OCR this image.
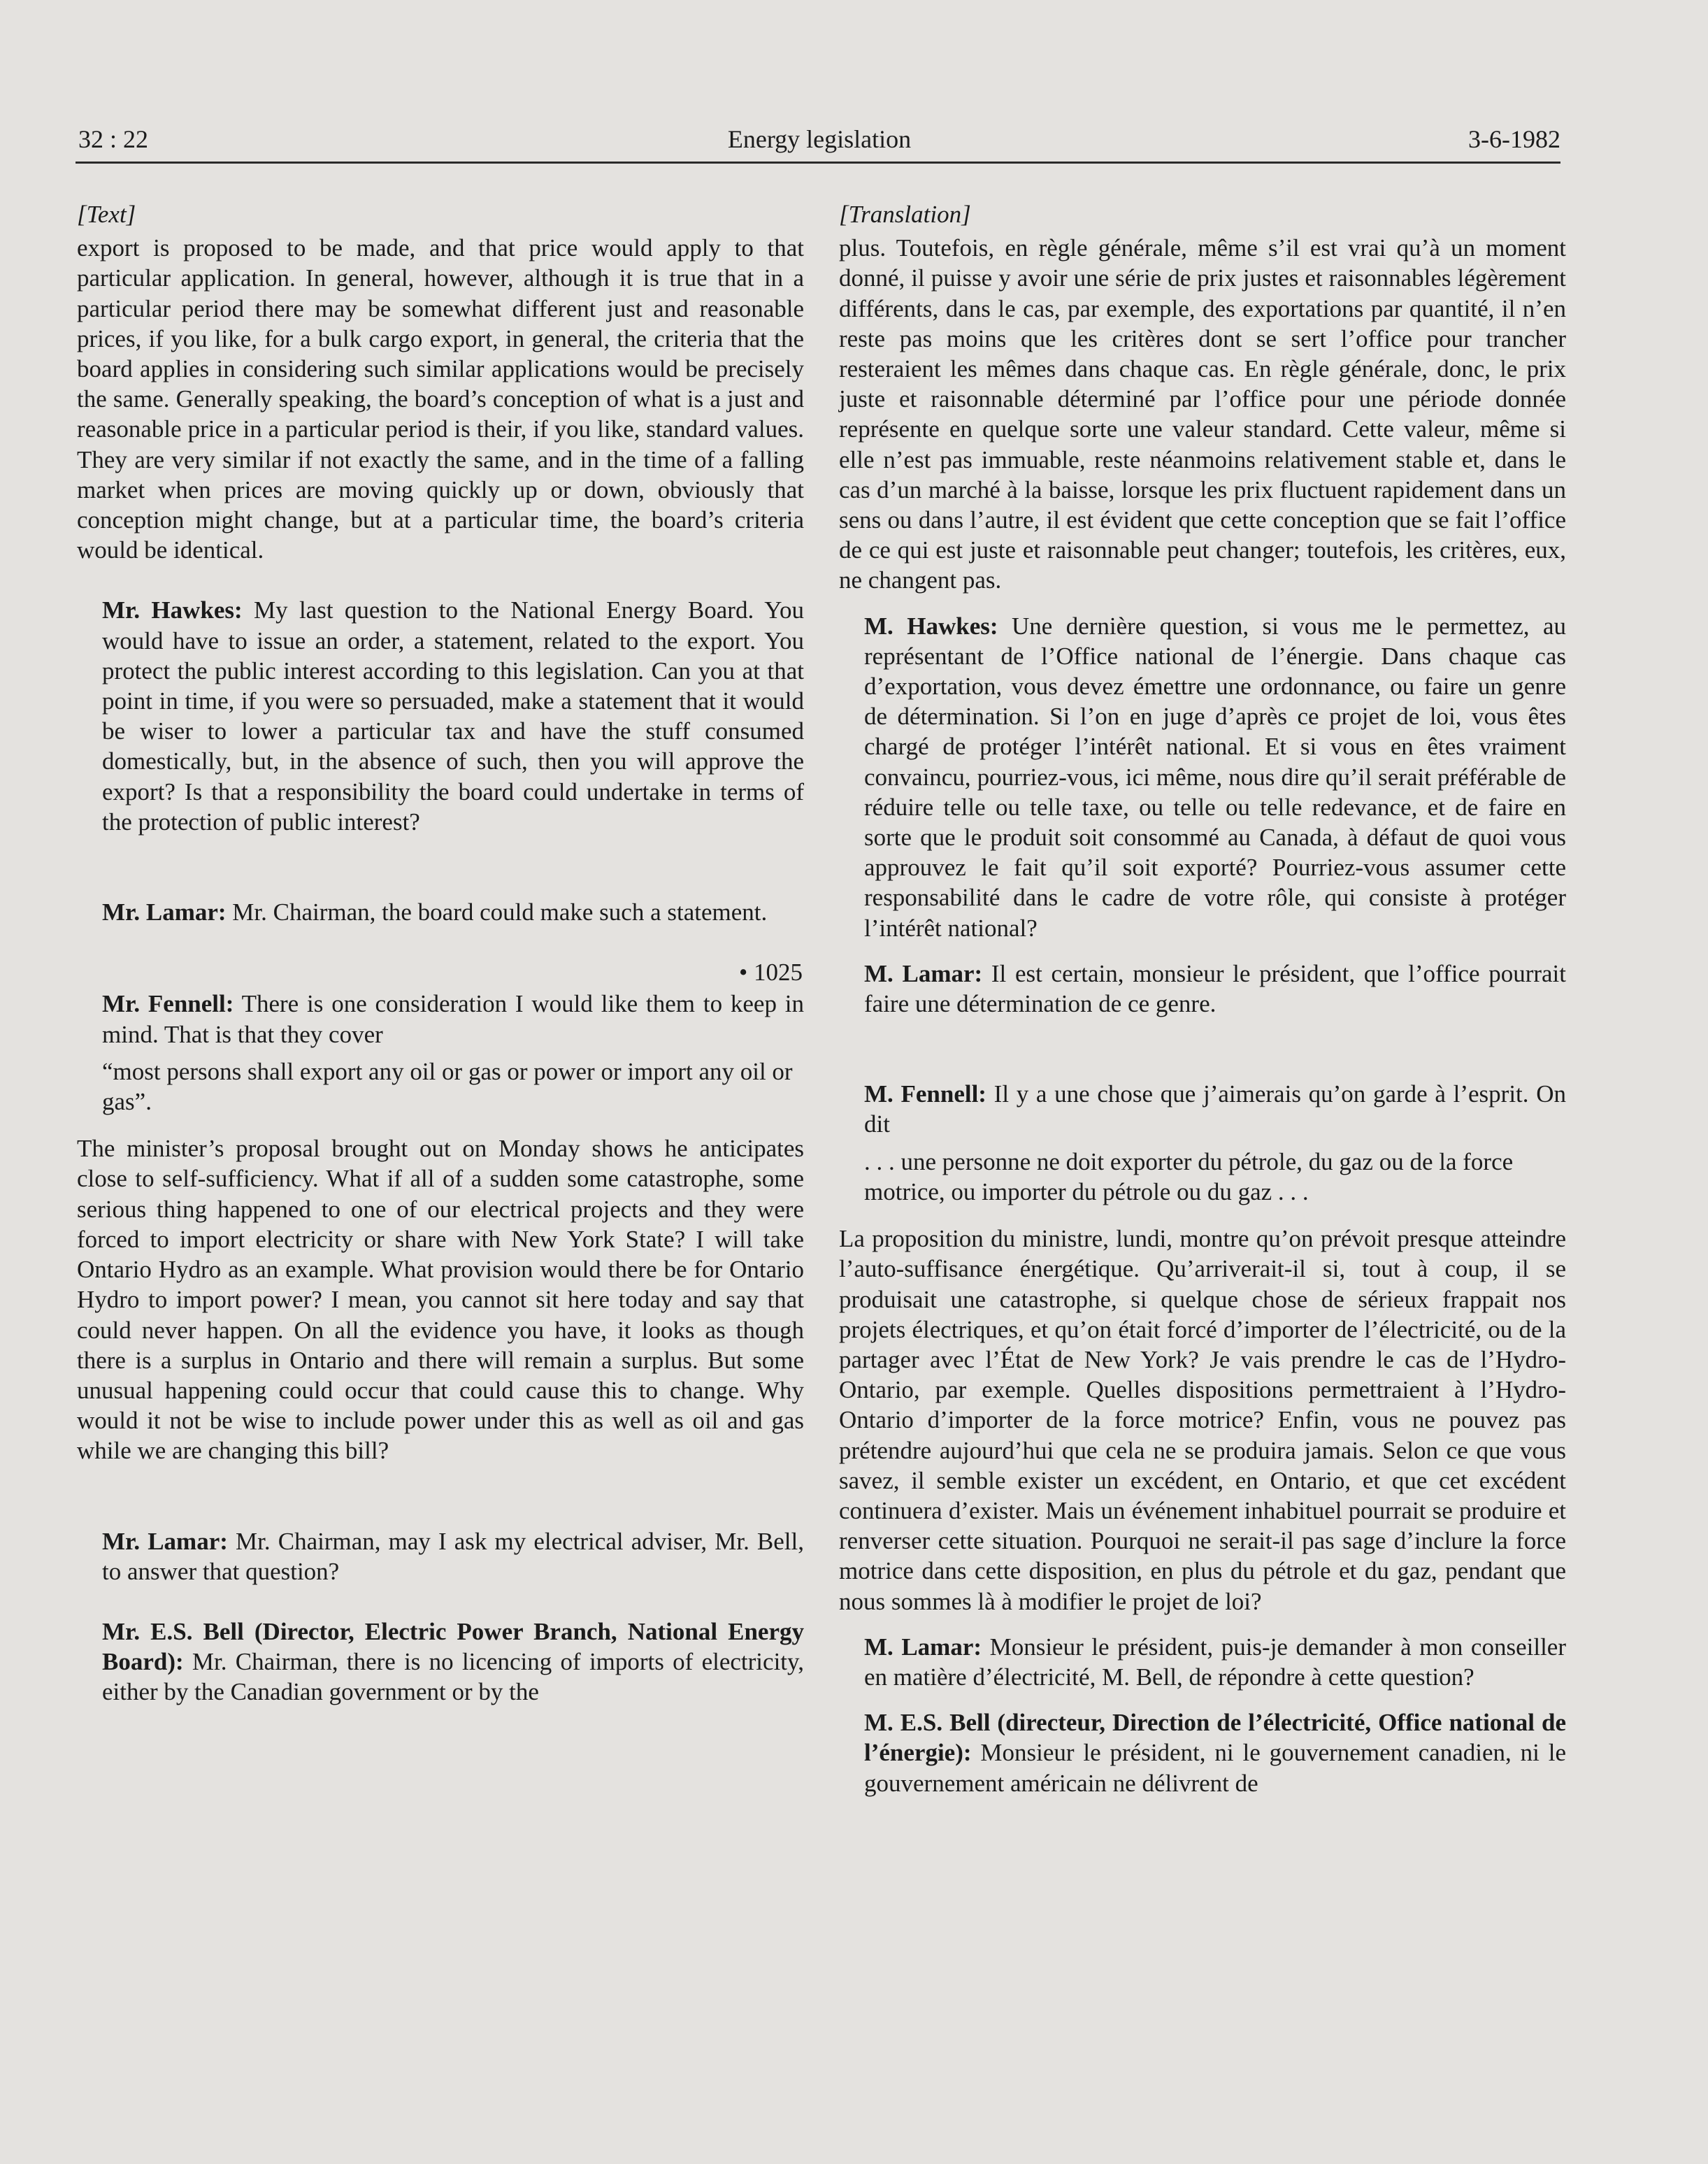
32 : 22	Energy legislation	3-6-1982

[Text]

export is proposed to be made, and that price would apply to that particular application. In general, however, although it is true that in a particular period there may be somewhat different just and reasonable prices, if you like, for a bulk cargo export, in general, the criteria that the board applies in considering such similar applications would be precisely the same. Generally speaking, the board’s conception of what is a just and reasonable price in a particular period is their, if you like, standard values. They are very similar if not exactly the same, and in the time of a falling market when prices are moving quickly up or down, obviously that conception might change, but at a particular time, the board’s criteria would be identical.

Mr. Hawkes: My last question to the National Energy Board. You would have to issue an order, a statement, related to the export. You protect the public interest according to this legislation. Can you at that point in time, if you were so persuaded, make a statement that it would be wiser to lower a particular tax and have the stuff consumed domestically, but, in the absence of such, then you will approve the export? Is that a responsibility the board could undertake in terms of the protection of public interest?

Mr. Lamar: Mr. Chairman, the board could make such a statement.

• 1025

Mr. Fennell: There is one consideration I would like them to keep in mind. That is that they cover

“most persons shall export any oil or gas or power or import any oil or gas”.

The minister’s proposal brought out on Monday shows he anticipates close to self-sufficiency. What if all of a sudden some catastrophe, some serious thing happened to one of our electrical projects and they were forced to import electricity or share with New York State? I will take Ontario Hydro as an example. What provision would there be for Ontario Hydro to import power? I mean, you cannot sit here today and say that could never happen. On all the evidence you have, it looks as though there is a surplus in Ontario and there will remain a surplus. But some unusual happening could occur that could cause this to change. Why would it not be wise to include power under this as well as oil and gas while we are changing this bill?

Mr. Lamar: Mr. Chairman, may I ask my electrical adviser, Mr. Bell, to answer that question?

Mr. E.S. Bell (Director, Electric Power Branch, National Energy Board): Mr. Chairman, there is no licencing of imports of electricity, either by the Canadian government or by the

[Translation]

plus. Toutefois, en règle générale, même s’il est vrai qu’à un moment donné, il puisse y avoir une série de prix justes et raisonnables légèrement différents, dans le cas, par exemple, des exportations par quantité, il n’en reste pas moins que les critères dont se sert l’office pour trancher resteraient les mêmes dans chaque cas. En règle générale, donc, le prix juste et raisonnable déterminé par l’office pour une période donnée représente en quelque sorte une valeur standard. Cette valeur, même si elle n’est pas immuable, reste néanmoins relativement stable et, dans le cas d’un marché à la baisse, lorsque les prix fluctuent rapidement dans un sens ou dans l’autre, il est évident que cette conception que se fait l’office de ce qui est juste et raisonnable peut changer; toutefois, les critères, eux, ne changent pas.

M. Hawkes: Une dernière question, si vous me le permettez, au représentant de l’Office national de l’énergie. Dans chaque cas d’exportation, vous devez émettre une ordonnance, ou faire un genre de détermination. Si l’on en juge d’après ce projet de loi, vous êtes chargé de protéger l’intérêt national. Et si vous en êtes vraiment convaincu, pourriez-vous, ici même, nous dire qu’il serait préférable de réduire telle ou telle taxe, ou telle ou telle redevance, et de faire en sorte que le produit soit consommé au Canada, à défaut de quoi vous approuvez le fait qu’il soit exporté? Pourriez-vous assumer cette responsabilité dans le cadre de votre rôle, qui consiste à protéger l’intérêt national?

M. Lamar: Il est certain, monsieur le président, que l’office pourrait faire une détermination de ce genre.

M. Fennell: Il y a une chose que j’aimerais qu’on garde à l’esprit. On dit

. . . une personne ne doit exporter du pétrole, du gaz ou de la force motrice, ou importer du pétrole ou du gaz . . .

La proposition du ministre, lundi, montre qu’on prévoit presque atteindre l’auto-suffisance énergétique. Qu’arriverait-il si, tout à coup, il se produisait une catastrophe, si quelque chose de sérieux frappait nos projets électriques, et qu’on était forcé d’importer de l’électricité, ou de la partager avec l’État de New York? Je vais prendre le cas de l’Hydro-Ontario, par exemple. Quelles dispositions permettraient à l’Hydro-Ontario d’importer de la force motrice? Enfin, vous ne pouvez pas prétendre aujourd’hui que cela ne se produira jamais. Selon ce que vous savez, il semble exister un excédent, en Ontario, et que cet excédent continuera d’exister. Mais un événement inhabituel pourrait se produire et renverser cette situation. Pourquoi ne serait-il pas sage d’inclure la force motrice dans cette disposition, en plus du pétrole et du gaz, pendant que nous sommes là à modifier le projet de loi?

M. Lamar: Monsieur le président, puis-je demander à mon conseiller en matière d’électricité, M. Bell, de répondre à cette question?

M. E.S. Bell (directeur, Direction de l’électricité, Office national de l’énergie): Monsieur le président, ni le gouvernement canadien, ni le gouvernement américain ne délivrent de
